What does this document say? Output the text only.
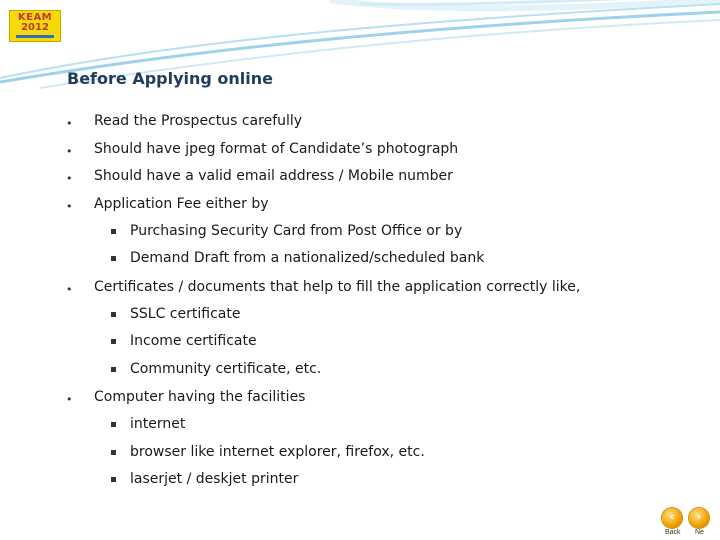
KEAM
2012
Before Applying online
• Read the Prospectus carefully
• Should have jpeg format of Candidate’s photograph
• Should have a valid email address / Mobile number
• Application Fee either by
Purchasing Security Card from Post Office or by
Demand Draft from a nationalized/scheduled bank
• Certificates / documents that help to fill the application correctly like,
SSLC certificate
Income certificate
Community certificate, etc.
• Computer having the facilities
internet
browser like internet explorer, firefox, etc.
laserjet / deskjet printer
‹
Back
›
Ne
